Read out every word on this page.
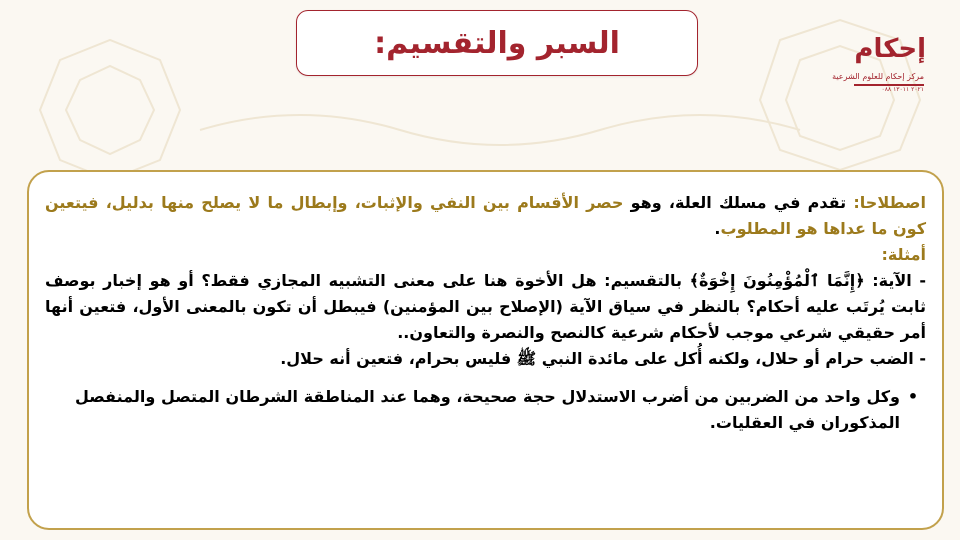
إحكام
مركز إحكام للعلوم الشرعية
٢٠٢١ ١٣٠١١ ٠٨٨
السبر والتقسيم:

اصطلاحا: تقدم في مسلك العلة، وهو حصر الأقسام بين النفي والإثبات، وإبطال ما لا يصلح منها بدليل، فيتعين كون ما عداها هو المطلوب.

أمثلة:

- الآية: ﴿إِنَّمَا ٱلْمُؤْمِنُونَ إِخْوَةٌ﴾ بالتقسيم: هل الأخوة هنا على معنى التشبيه المجازي فقط؟ أو هو إخبار بوصف ثابت يُرتَب عليه أحكام؟ بالنظر في سياق الآية (الإصلاح بين المؤمنين) فيبطل أن تكون بالمعنى الأول، فتعين أنها أمر حقيقي شرعي موجب لأحكام شرعية كالنصح والنصرة والتعاون..

- الضب حرام أو حلال، ولكنه أُكل على مائدة النبي ﷺ فليس بحرام، فتعين أنه حلال.

•
وكل واحد من الضربين من أضرب الاستدلال حجة صحيحة، وهما عند المناطقة الشرطان المتصل والمنفصل المذكوران في العقليات.
